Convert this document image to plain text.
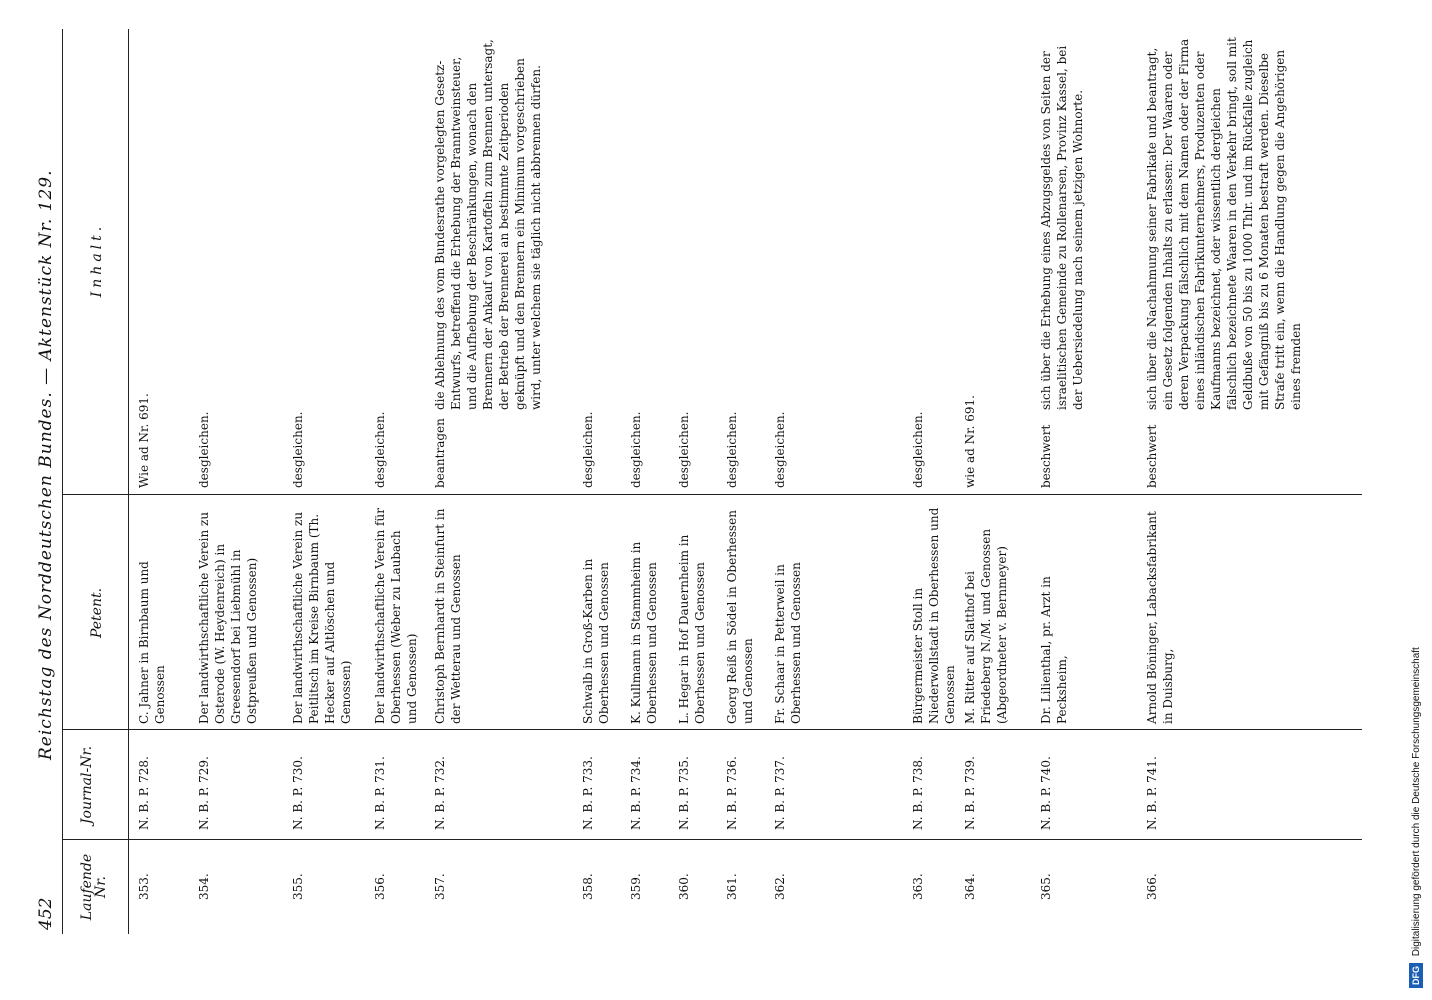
452
Reichstag des Norddeutschen Bundes. — Aktenstück Nr. 129.
Laufende Nr.
Journal-Nr.
Petent.
Inhalt.
353.
N. B. P. 728.
C. Jahner in Birnbaum und Genossen
Wie ad Nr. 691.
354.
N. B. P. 729.
Der landwirthschaftliche Verein zu Osterode (W. Heydenreich) in Greesendorf bei Liebmühl in Ostpreußen und Genossen)
desgleichen.
355.
N. B. P. 730.
Der landwirthschaftliche Verein zu Peitlitsch im Kreise Birnbaum (Th. Hecker auf Altlöschen und Genossen)
desgleichen.
356.
N. B. P. 731.
Der landwirthschaftliche Verein für Oberhessen (Weber zu Laubach und Genossen)
desgleichen.
357.
N. B. P. 732.
Christoph Bernhardt in Steinfurt in der Wetterau und Genossen
beantragen
die Ablehnung des vom Bundesrathe vorgelegten Gesetz-Entwurfs, betreffend die Erhebung der Branntweinsteuer, und die Aufhebung der Beschränkungen, wonach den Brennern der Ankauf von Kartoffeln zum Brennen untersagt, der Betrieb der Brennerei an bestimmte Zeitperioden geknüpft und den Brennern ein Minimum vorgeschrieben wird, unter welchem sie täglich nicht abbrennen dürfen.
358.
N. B. P. 733.
Schwalb in Groß-Karben in Oberhessen und Genossen
desgleichen.
359.
N. B. P. 734.
K. Kullmann in Stammheim in Oberhessen und Genossen
desgleichen.
360.
N. B. P. 735.
L. Hegar in Hof Dauernheim in Oberhessen und Genossen
desgleichen.
361.
N. B. P. 736.
Georg Reiß in Södel in Oberhessen und Genossen
desgleichen.
362.
N. B. P. 737.
Fr. Schaar in Petterweil in Oberhessen und Genossen
desgleichen.
363.
N. B. P. 738.
Bürgermeister Stoll in Niederwollstadt in Oberhessen und Genossen
desgleichen.
364.
N. B. P. 739.
M. Ritter auf Slatthof bei Friedeberg N./M. und Genossen (Abgeordneter v. Bernmeyer)
wie ad Nr. 691.
365.
N. B. P. 740.
Dr. Lilienthal, pr. Arzt in Pecksheim,
beschwert
sich über die Erhebung eines Abzugsgeldes von Seiten der israelitischen Gemeinde zu Rollenarsen, Provinz Kassel, bei der Uebersiedelung nach seinem jetzigen Wohnorte.
366.
N. B. P. 741.
Arnold Böninger, Labacksfabrikant in Duisburg,
beschwert
sich über die Nachahmung seiner Fabrikate und beantragt, ein Gesetz folgenden Inhalts zu erlassen: Der Waaren oder deren Verpackung fälschlich mit dem Namen oder der Firma eines inländischen Fabrikunternehmers, Produzenten oder Kaufmanns bezeichnet, oder wissentlich dergleichen fälschlich bezeichnete Waaren in den Verkehr bringt, soll mit Geldbuße von 50 bis zu 1000 Thlr. und im Rückfalle zugleich mit Gefängniß bis zu 6 Monaten bestraft werden. Dieselbe Strafe tritt ein, wenn die Handlung gegen die Angehörigen eines fremden
DFG Digitalisierung gefördert durch die Deutsche Forschungsgemeinschaft
